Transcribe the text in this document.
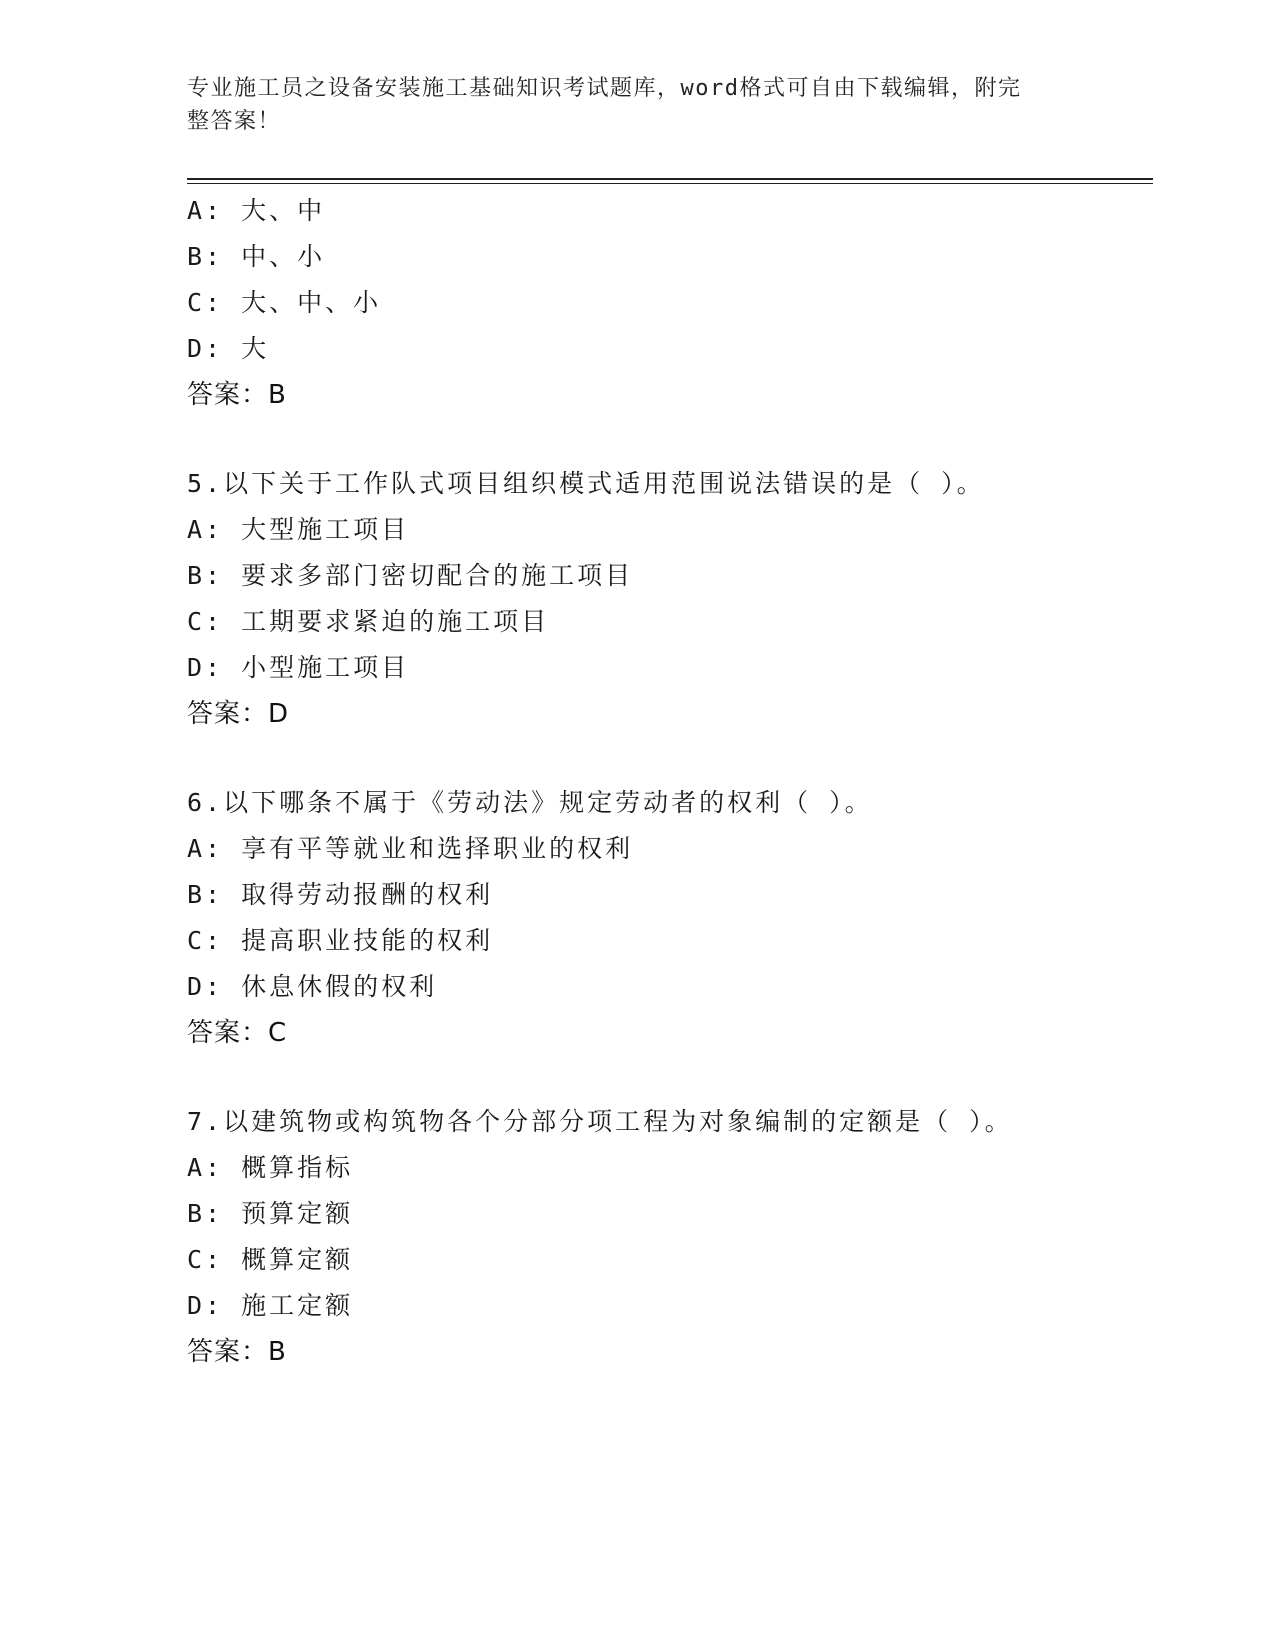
专业施工员之设备安装施工基础知识考试题库，word格式可自由下载编辑，附完
整答案！
A: 大、中
B: 中、小
C: 大、中、小
D: 大
答案：B
5.以下关于工作队式项目组织模式适用范围说法错误的是（ ）。
A: 大型施工项目
B: 要求多部门密切配合的施工项目
C: 工期要求紧迫的施工项目
D: 小型施工项目
答案：D
6.以下哪条不属于《劳动法》规定劳动者的权利（ ）。
A: 享有平等就业和选择职业的权利
B: 取得劳动报酬的权利
C: 提高职业技能的权利
D: 休息休假的权利
答案：C
7.以建筑物或构筑物各个分部分项工程为对象编制的定额是（ ）。
A: 概算指标
B: 预算定额
C: 概算定额
D: 施工定额
答案：B
